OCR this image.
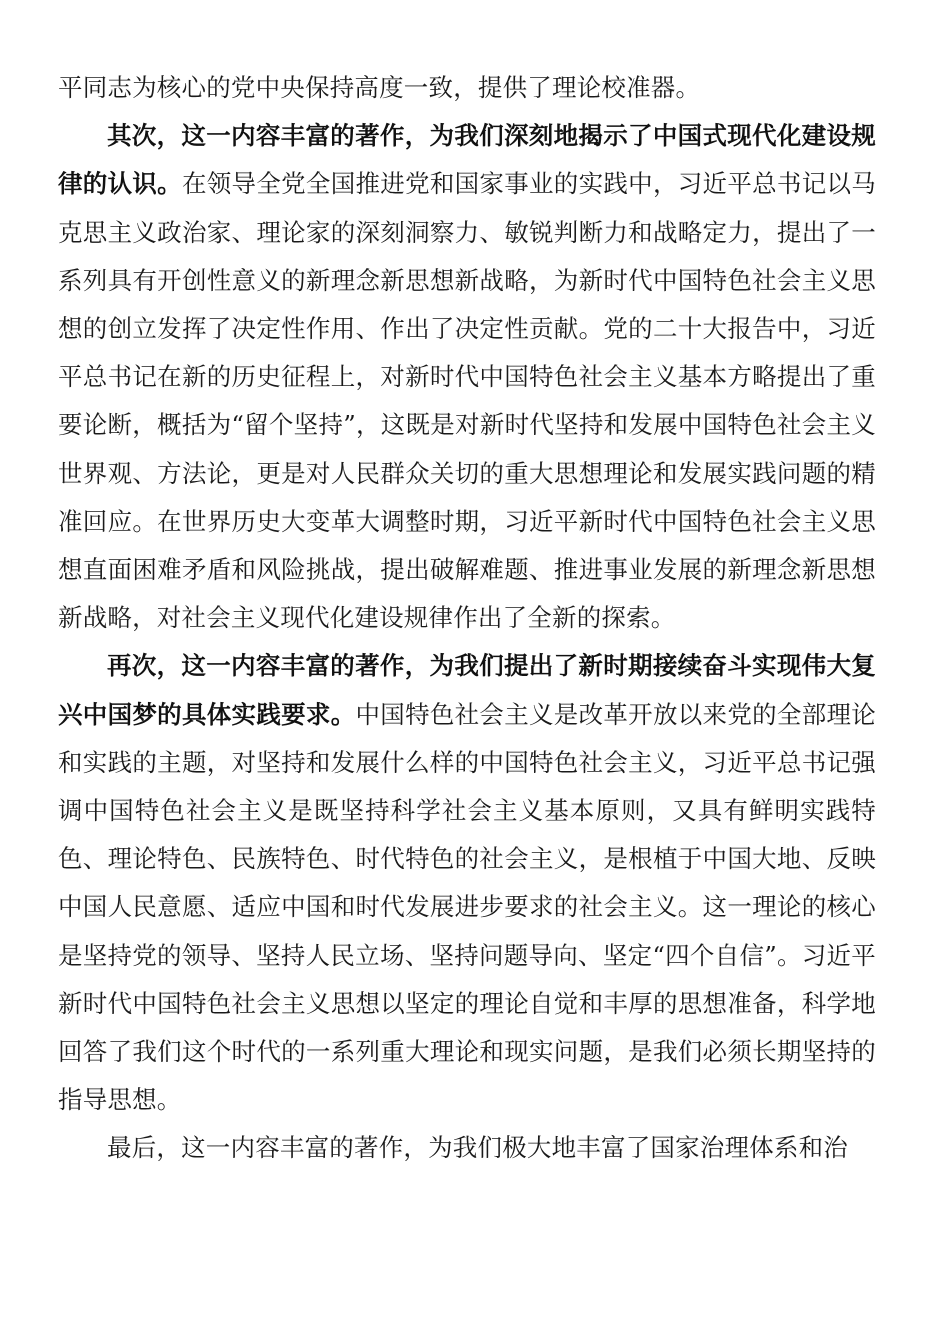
平同志为核心的党中央保持高度一致，提供了理论校准器。

其次，这一内容丰富的著作，为我们深刻地揭示了中国式现代化建设规律的认识。在领导全党全国推进党和国家事业的实践中，习近平总书记以马克思主义政治家、理论家的深刻洞察力、敏锐判断力和战略定力，提出了一系列具有开创性意义的新理念新思想新战略，为新时代中国特色社会主义思想的创立发挥了决定性作用、作出了决定性贡献。党的二十大报告中，习近平总书记在新的历史征程上，对新时代中国特色社会主义基本方略提出了重要论断，概括为“留个坚持”，这既是对新时代坚持和发展中国特色社会主义世界观、方法论，更是对人民群众关切的重大思想理论和发展实践问题的精准回应。在世界历史大变革大调整时期，习近平新时代中国特色社会主义思想直面困难矛盾和风险挑战，提出破解难题、推进事业发展的新理念新思想新战略，对社会主义现代化建设规律作出了全新的探索。

再次，这一内容丰富的著作，为我们提出了新时期接续奋斗实现伟大复兴中国梦的具体实践要求。中国特色社会主义是改革开放以来党的全部理论和实践的主题，对坚持和发展什么样的中国特色社会主义，习近平总书记强调中国特色社会主义是既坚持科学社会主义基本原则，又具有鲜明实践特色、理论特色、民族特色、时代特色的社会主义，是根植于中国大地、反映中国人民意愿、适应中国和时代发展进步要求的社会主义。这一理论的核心是坚持党的领导、坚持人民立场、坚持问题导向、坚定“四个自信”。习近平新时代中国特色社会主义思想以坚定的理论自觉和丰厚的思想准备，科学地回答了我们这个时代的一系列重大理论和现实问题，是我们必须长期坚持的指导思想。

最后，这一内容丰富的著作，为我们极大地丰富了国家治理体系和治
